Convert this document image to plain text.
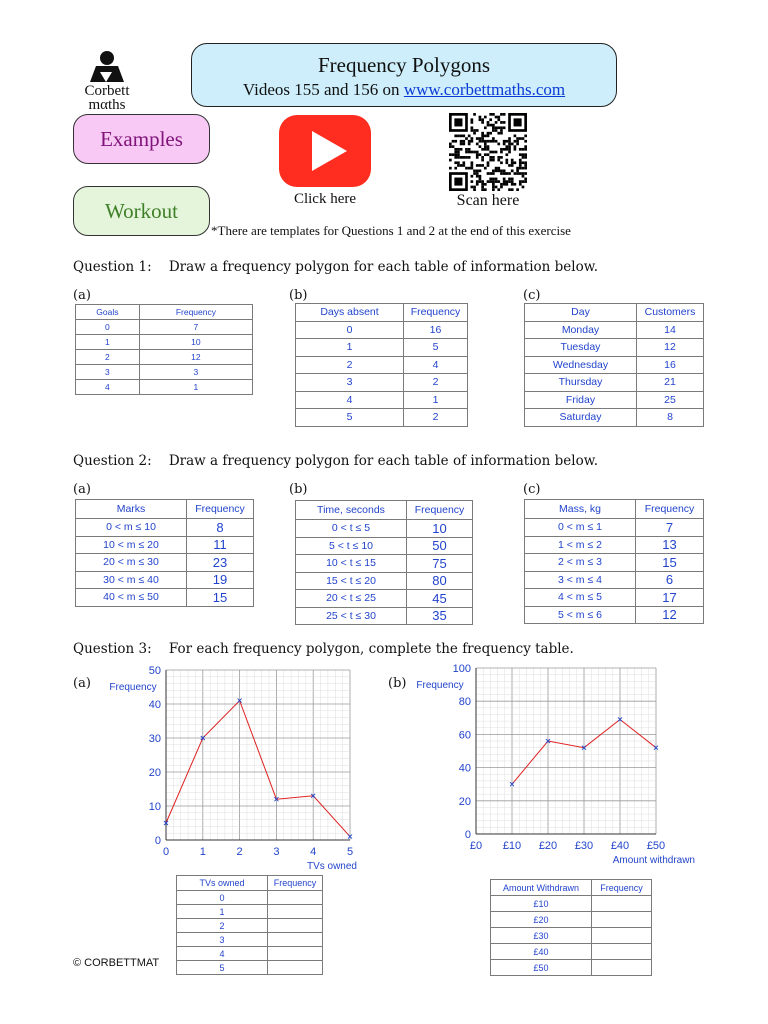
Corbett
mαths
Frequency Polygons
Videos 155 and 156 on www.corbettmaths.com
Examples
Workout	Click here	Scan here
*There are templates for Questions 1 and 2 at the end of this exercise
Question 1: Draw a frequency polygon for each table of information below.
(a)
Goals	Frequency
0	7
1	10
2	12
3	3
4	1
(b)
Days absent	Frequency
0	16
1	5
2	4
3	2
4	1
5	2
(c)
Day	Customers
Monday	14
Tuesday	12
Wednesday	16
Thursday	21
Friday	25
Saturday	8
Question 2: Draw a frequency polygon for each table of information below.
(a)
Marks	Frequency
0 < m ≤ 10	8
10 < m ≤ 20	11
20 < m ≤ 30	23
30 < m ≤ 40	19
40 < m ≤ 50	15
(b)
Time, seconds	Frequency
0 < t ≤ 5	10
5 < t ≤ 10	50
10 < t ≤ 15	75
15 < t ≤ 20	80
20 < t ≤ 25	45
25 < t ≤ 30	35
(c)
Mass, kg	Frequency
0 < m ≤ 1	7
1 < m ≤ 2	13
2 < m ≤ 3	15
3 < m ≤ 4	6
4 < m ≤ 5	17
5 < m ≤ 6	12
Question 3: For each frequency polygon, complete the frequency table.
(a)	(b)
0
10
20
30
40
50
0	1	2	3	4	5
Frequency
TVs owned
0
20
40
60
80
100
£0 £10 £20 £30 £40 £50
Frequency
Amount withdrawn
TVs owned	Frequency
0	
1	
2	
3	
4	
5	
Amount Withdrawn	Frequency
£10	
£20	
£30	
£40	
£50	
© CORBETTMAT
